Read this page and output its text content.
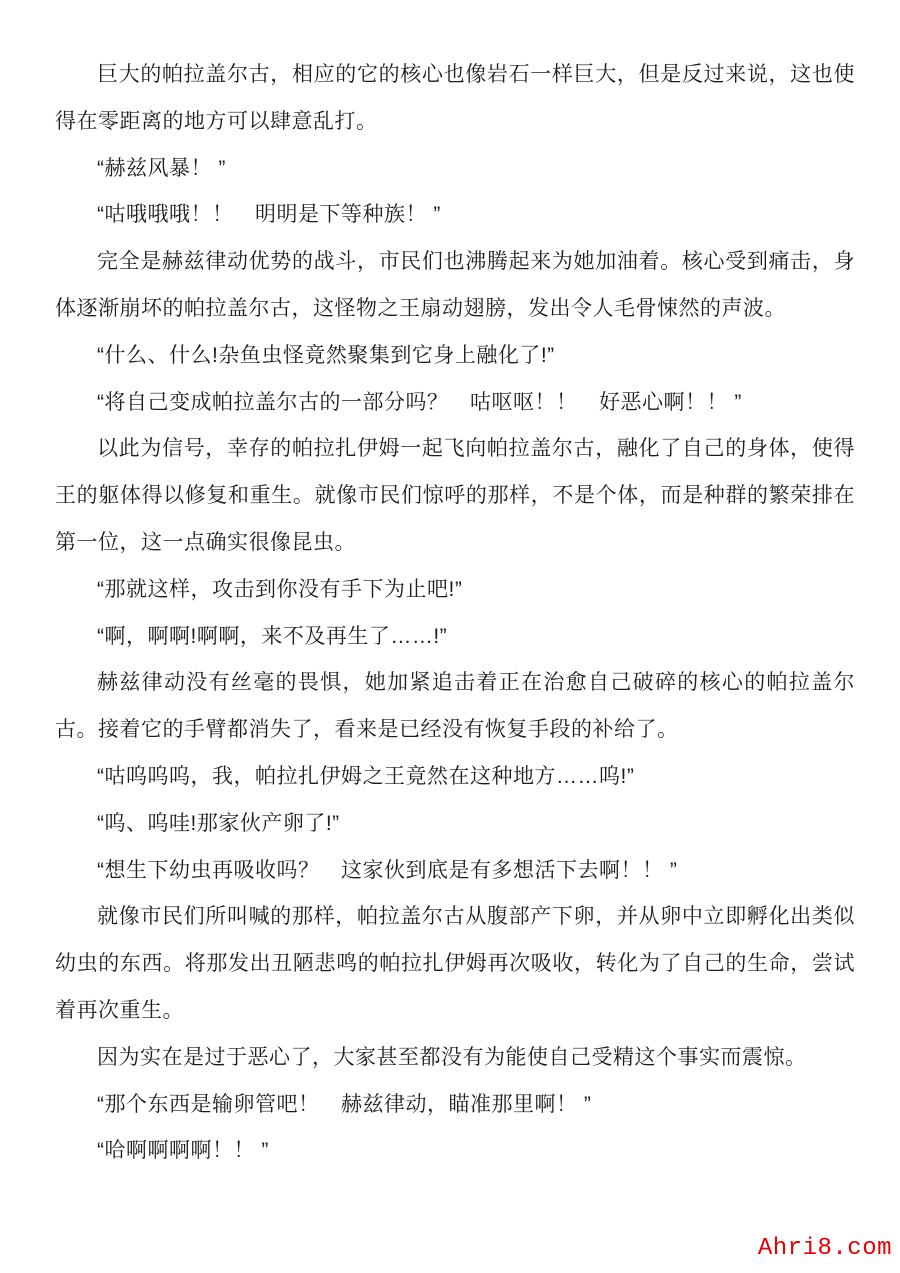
巨大的帕拉盖尔古，相应的它的核心也像岩石一样巨大，但是反过来说，这也使得在零距离的地方可以肆意乱打。

“赫兹风暴！ ”

“咕哦哦哦！！　明明是下等种族！ ”

完全是赫兹律动优势的战斗，市民们也沸腾起来为她加油着。核心受到痛击，身体逐渐崩坏的帕拉盖尔古，这怪物之王扇动翅膀，发出令人毛骨悚然的声波。

“什么、什么!杂鱼虫怪竟然聚集到它身上融化了!”

“将自己变成帕拉盖尔古的一部分吗？　咕呕呕！！　好恶心啊！！ ”

以此为信号，幸存的帕拉扎伊姆一起飞向帕拉盖尔古，融化了自己的身体，使得王的躯体得以修复和重生。就像市民们惊呼的那样，不是个体，而是种群的繁荣排在第一位，这一点确实很像昆虫。

“那就这样，攻击到你没有手下为止吧!”

“啊，啊啊!啊啊，来不及再生了……!”

赫兹律动没有丝毫的畏惧，她加紧追击着正在治愈自己破碎的核心的帕拉盖尔古。接着它的手臂都消失了，看来是已经没有恢复手段的补给了。

“咕呜呜呜，我，帕拉扎伊姆之王竟然在这种地方……呜!”

“呜、呜哇!那家伙产卵了!”

“想生下幼虫再吸收吗？　这家伙到底是有多想活下去啊！！ ”

就像市民们所叫喊的那样，帕拉盖尔古从腹部产下卵，并从卵中立即孵化出类似幼虫的东西。将那发出丑陋悲鸣的帕拉扎伊姆再次吸收，转化为了自己的生命，尝试着再次重生。

因为实在是过于恶心了，大家甚至都没有为能使自己受精这个事实而震惊。

“那个东西是输卵管吧！　赫兹律动，瞄准那里啊！ ”

“哈啊啊啊啊！！ ”

Ahri8.com
